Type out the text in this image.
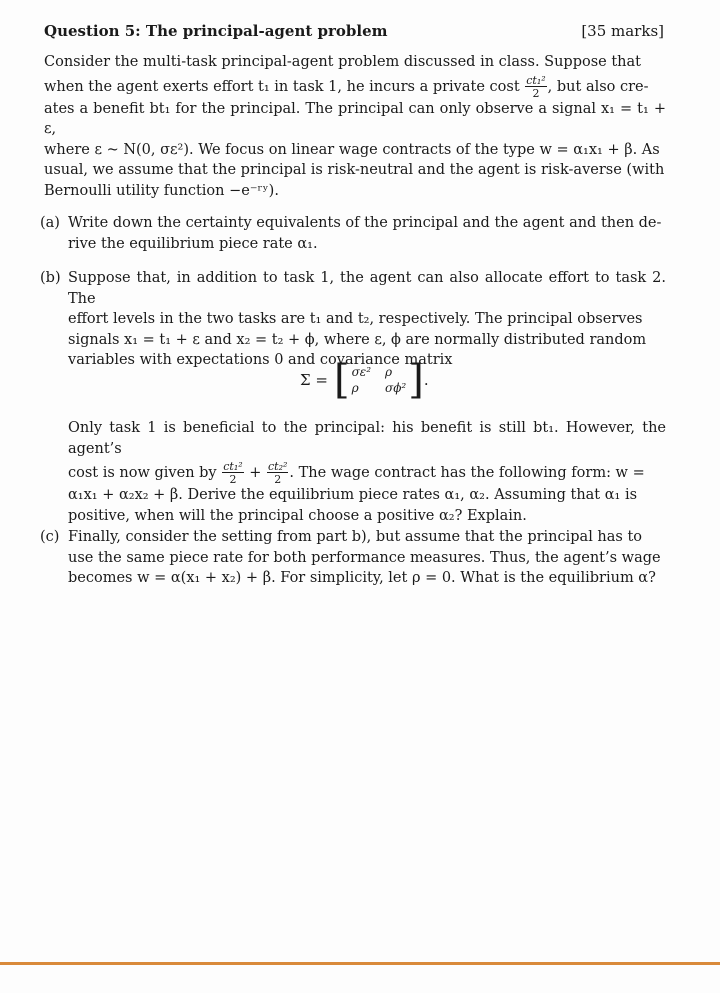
Question 5: The principal-agent problem	[35 marks]

Consider the multi-task principal-agent problem discussed in class. Suppose that

when the agent exerts effort t₁ in task 1, he incurs a private cost $\frac{\text{ct₁²}}{2}$ , but also cre-

ates a benefit bt₁ for the principal. The principal can only observe a signal x₁ = t₁ + ε,

where ε ~ N(0, σε²). We focus on linear wage contracts of the type w = α₁x₁ + β. As

usual, we assume that the principal is risk-neutral and the agent is risk-averse (with

Bernoulli utility function −e⁻ʳʸ).

(a) Write down the certainty equivalents of the principal and the agent and then de-

rive the equilibrium piece rate α₁.

(b) Suppose that, in addition to task 1, the agent can also allocate effort to task 2. The

effort levels in the two tasks are t₁ and t₂, respectively. The principal observes

signals x₁ = t₁ + ε and x₂ = t₂ + ϕ, where ε, ϕ are normally distributed random

variables with expectations 0 and covariance matrix

Σ = [ σε² ρ
ρ	σϕ² ] .

Only task 1 is beneficial to the principal: his benefit is still bt₁. However, the agent’s

cost is now given by $\frac{\text{ct₁²}}{2} + \frac{\text{ct₂²}}{2}$ . The wage contract has the following form: w =

α₁x₁ + α₂x₂ + β. Derive the equilibrium piece rates α₁, α₂. Assuming that α₁ is

positive, when will the principal choose a positive α₂? Explain.

(c) Finally, consider the setting from part b), but assume that the principal has to

use the same piece rate for both performance measures. Thus, the agent’s wage

becomes w = α(x₁ + x₂) + β. For simplicity, let ρ = 0. What is the equilibrium α?
